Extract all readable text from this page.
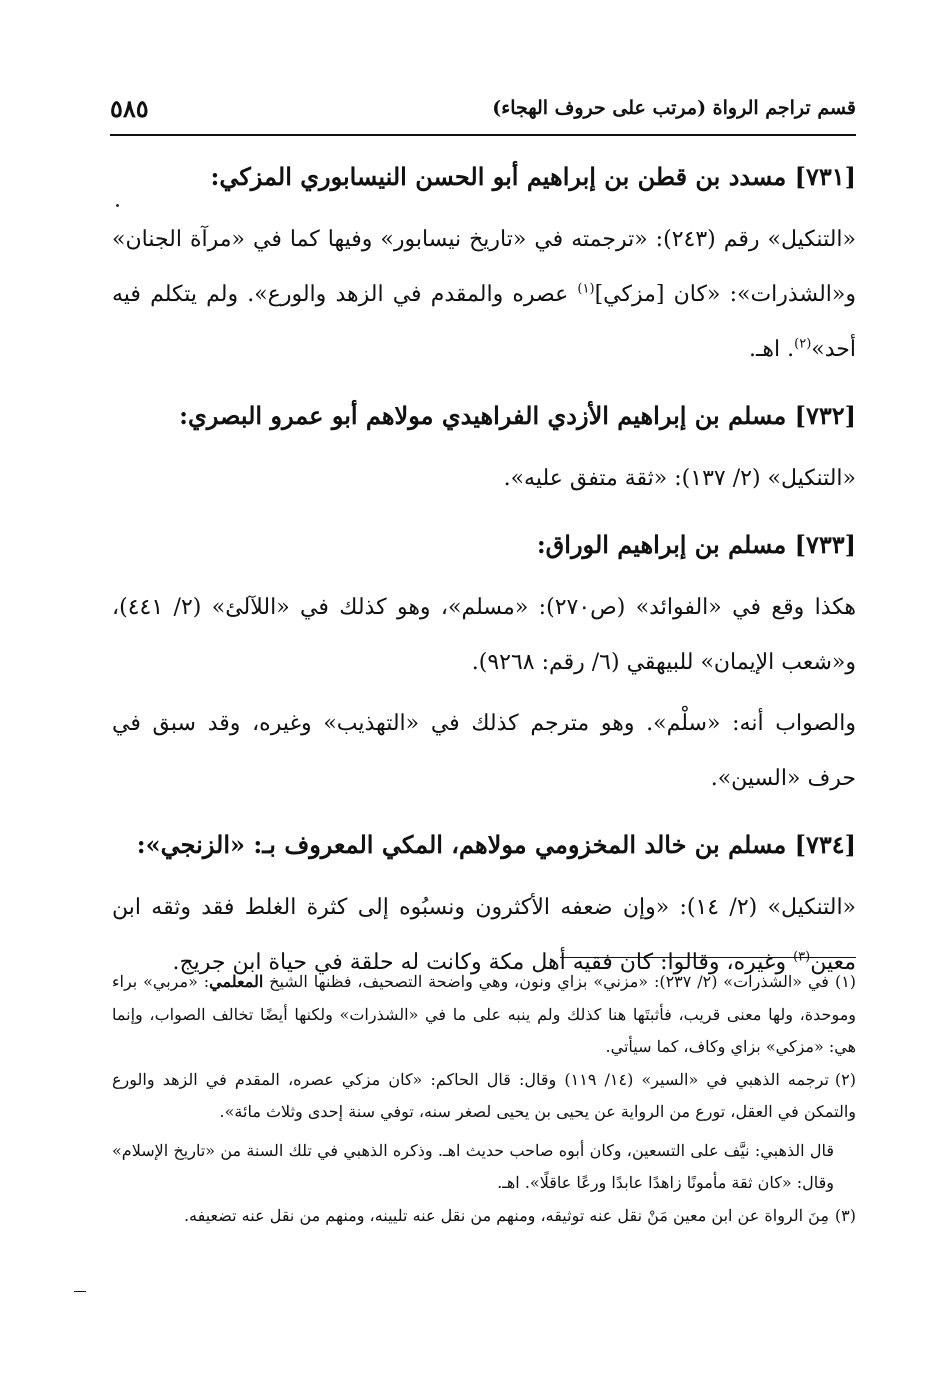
قسم تراجم الرواة (مرتب على حروف الهجاء)
٥٨٥
[٧٣١] مسدد بن قطن بن إبراهيم أبو الحسن النيسابوري المزكي:

«التنكيل» رقم (٢٤٣): «ترجمته في «تاريخ نيسابور» وفيها كما في «مرآة الجنان» و«الشذرات»: «كان [مزكي]$^{(١)}$ عصره والمقدم في الزهد والورع». ولم يتكلم فيه أحد»$^{(٢)}$. اهـ.

[٧٣٢] مسلم بن إبراهيم الأزدي الفراهيدي مولاهم أبو عمرو البصري:

«التنكيل» (٢/ ١٣٧): «ثقة متفق عليه».

[٧٣٣] مسلم بن إبراهيم الوراق:

هكذا وقع في «الفوائد» (ص٢٧٠): «مسلم»، وهو كذلك في «اللآلئ» (٢/ ٤٤١)، و«شعب الإيمان» للبيهقي (٦/ رقم: ٩٢٦٨).

والصواب أنه: «سلْم». وهو مترجم كذلك في «التهذيب» وغيره، وقد سبق في حرف «السين».

[٧٣٤] مسلم بن خالد المخزومي مولاهم، المكي المعروف بـ: «الزنجي»:

«التنكيل» (٢/ ١٤): «وإن ضعفه الأكثرون ونسبُوه إلى كثرة الغلط فقد وثقه ابن معين$^{(٣)}$ وغيره، وقالوا: كان فقيه أهل مكة وكانت له حلقة في حياة ابن جريج.

(١)في «الشذرات» (٢/ ٢٣٧): «مزني» بزاي ونون، وهي واضحة التصحيف، فظنها الشيخ المعلمي: «مربي» براء وموحدة، ولها معنى قريب، فأثبتَها هنا كذلك ولم ينبه على ما في «الشذرات» ولكنها أيضًا تخالف الصواب، وإنما هي: «مزكي» بزاي وكاف، كما سيأتي.
(٢)ترجمه الذهبي في «السير» (١٤/ ١١٩) وقال: قال الحاكم: «كان مزكي عصره، المقدم في الزهد والورع والتمكن في العقل، تورع من الرواية عن يحيى بن يحيى لصغر سنه، توفي سنة إحدى وثلاث مائة».
قال الذهبي: نيَّف على التسعين، وكان أبوه صاحب حديث اهـ. وذكره الذهبي في تلك السنة من «تاريخ الإسلام» وقال: «كان ثقة مأمونًا زاهدًا عابدًا ورعًا عاقلًا». اهـ.
(٣)مِنَ الرواة عن ابن معين مَنْ نقل عنه توثيقه، ومنهم من نقل عنه تليينه، ومنهم من نقل عنه تضعيفه.
